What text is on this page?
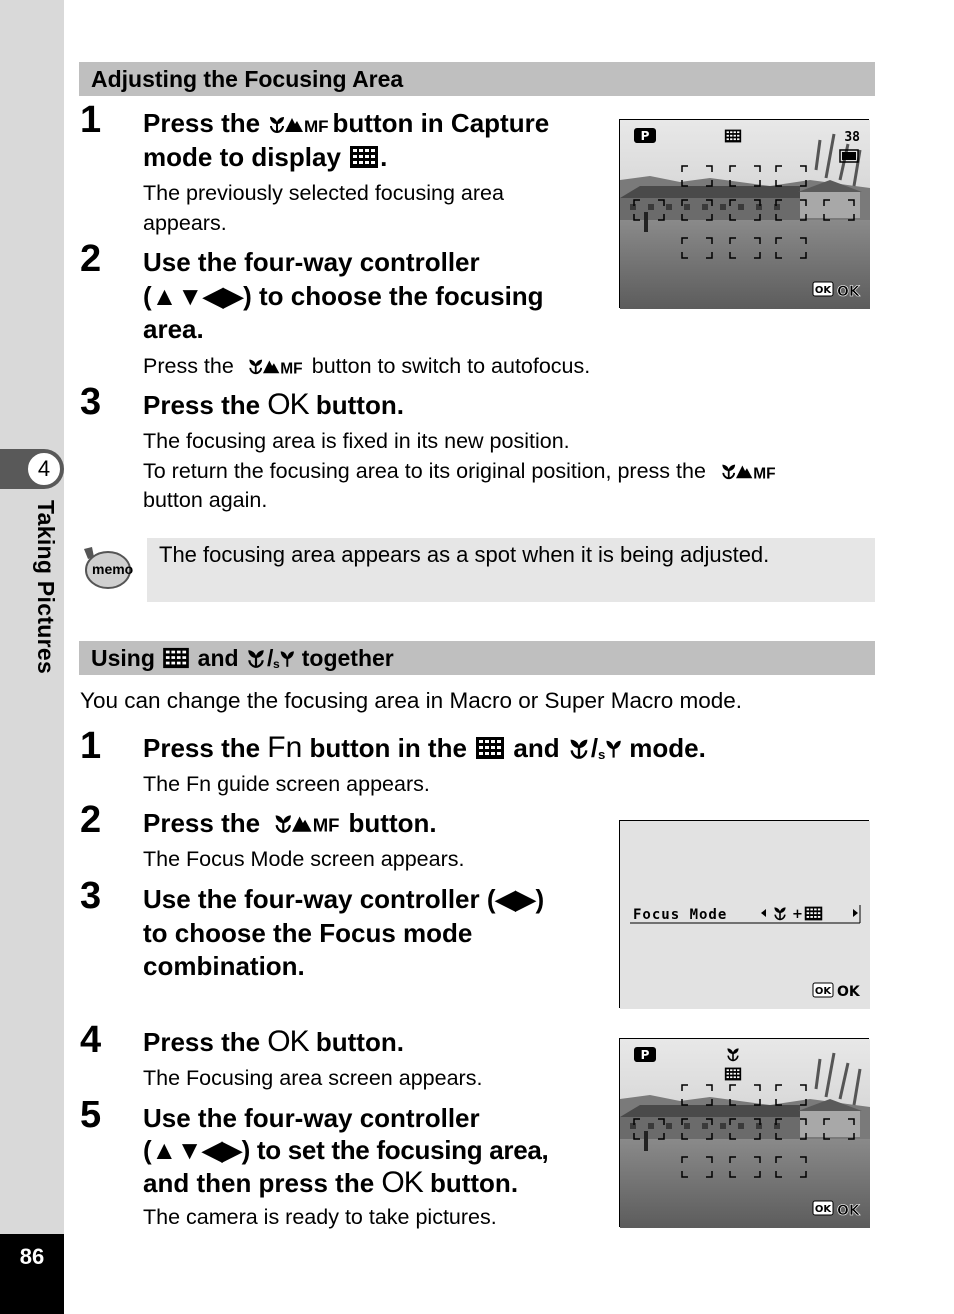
4
Taking Pictures
86
Adjusting the Focusing Area
1 Press the MF
button in Capture
mode to display .
The previously selected focusing area
appears.
2 Use the four-way controller
(▲▼◀▶) to choose the focusing
area.
Press the MF button to switch to autofocus.
3 Press the OK button.
The focusing area is fixed in its new position.
To return the focusing area to its original position, press the MF
button again.
memo
The focusing area appears as a spot when it is being adjusted.
P	38
OK OK
Using  and / together
You can change the focusing area in Macro or Super Macro mode.
1 Press the Fn button in the  and / mode.
The Fn guide screen appears.
2 Press the	MF button.
The Focus Mode screen appears.
3 Use the four-way controller (◀▶)
to choose the Focus mode
combination.
4 Press the OK button.
The Focusing area screen appears.
5 Use the four-way controller
(▲▼◀▶) to set the focusing area,
and then press the OK button.
The camera is ready to take pictures.
Focus Mode	+
OK OK
P
OK OK
